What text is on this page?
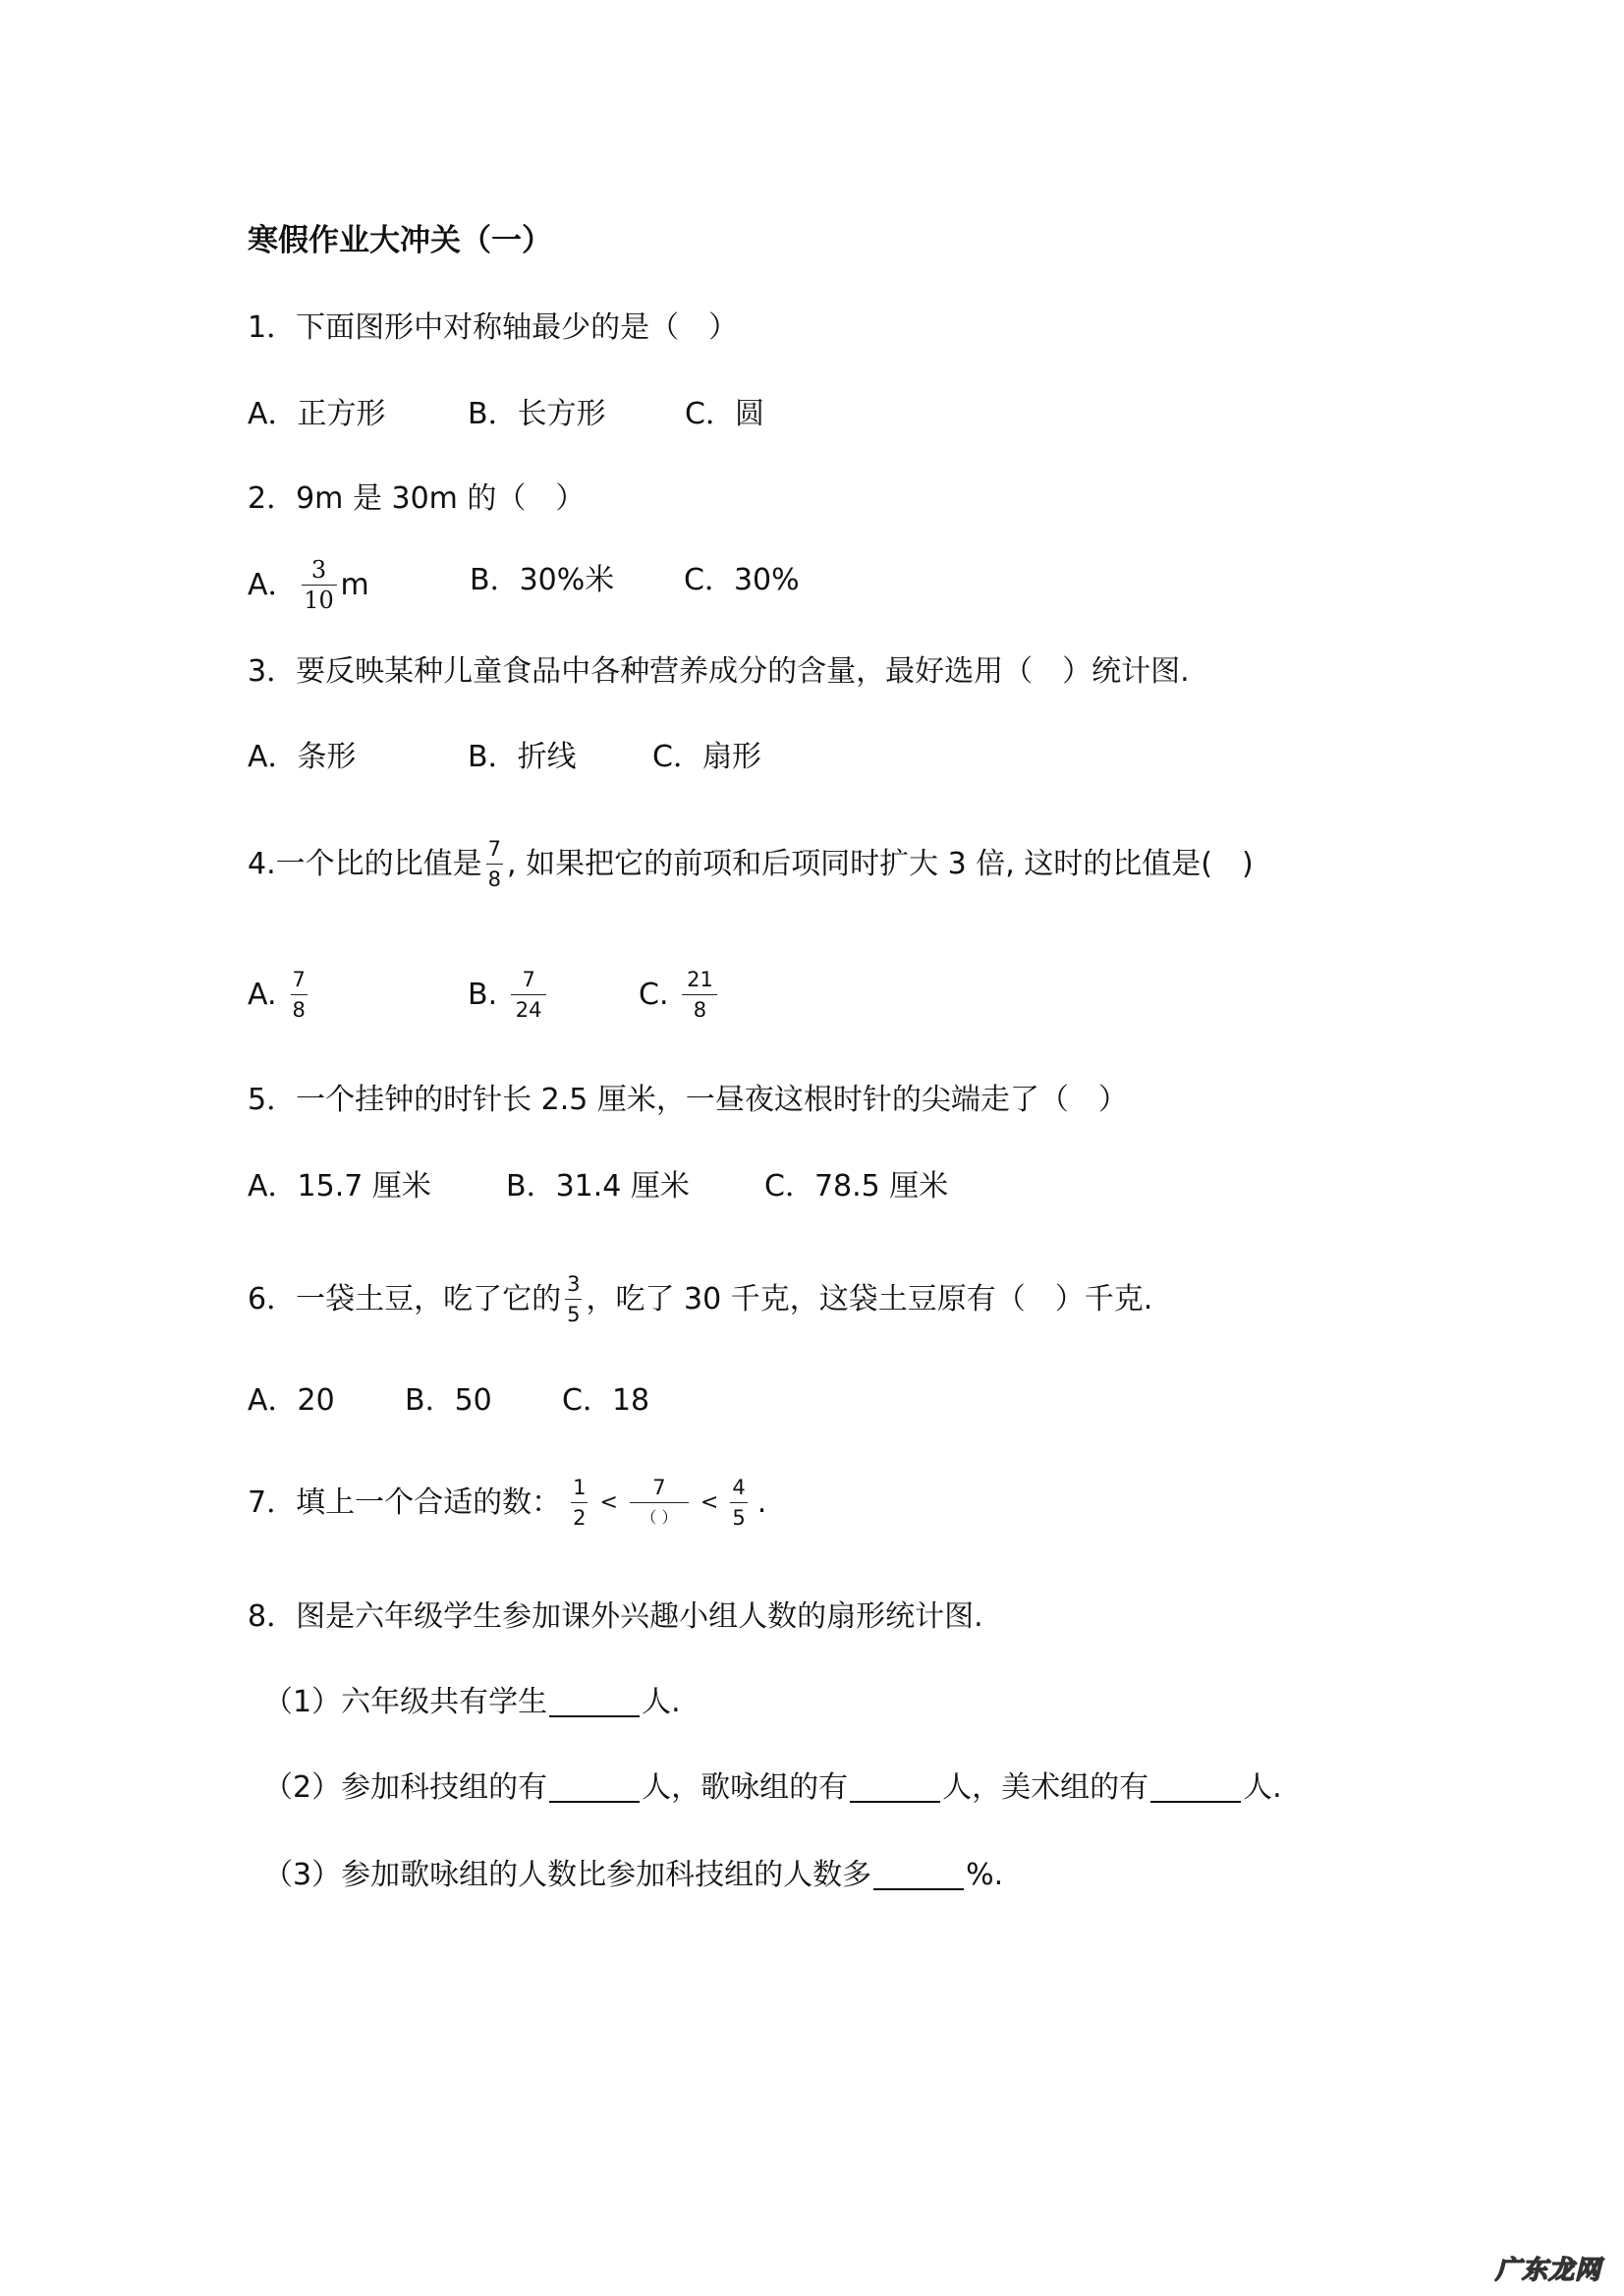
寒假作业大冲关（一）
1． 下面图形中对称轴最少的是（　）
A． 正方形	B． 长方形	C． 圆
2． 9m 是 30m 的（　）
A． $\frac{3}{10}$ m	B． 30%米 C． 30%
3． 要反映某种儿童食品中各种营养成分的含量，最好选用（　）统计图.
A． 条形	B． 折线	C． 扇形
4. 一个比的比值是 $\frac{7}{8}$ , 如果把它的前项和后项同时扩大 3 倍, 这时的比值是(　)
A. $\frac{7}{8}$	B. $\frac{7}{24}$	C. $\frac{21}{8}$
5． 一个挂钟的时针长 2.5 厘米，一昼夜这根时针的尖端走了（　）
A． 15.7 厘米	B． 31.4 厘米	C． 78.5 厘米
6． 一袋土豆，吃了它的 $\frac{3}{5}$ ，吃了 30 千克，这袋土豆原有（　）千克.
A． 20 B． 50 C． 18
7． 填上一个合适的数： $\frac{1}{2} < \frac{7}{( )} < \frac{4}{5}$ .
8． 图是六年级学生参加课外兴趣小组人数的扇形统计图.
（1） 六年级共有学生	人.
（2） 参加科技组的有	人，歌咏组的有	人，美术组的有	人.
（3） 参加歌咏组的人数比参加科技组的人数多	%.
广东龙网
